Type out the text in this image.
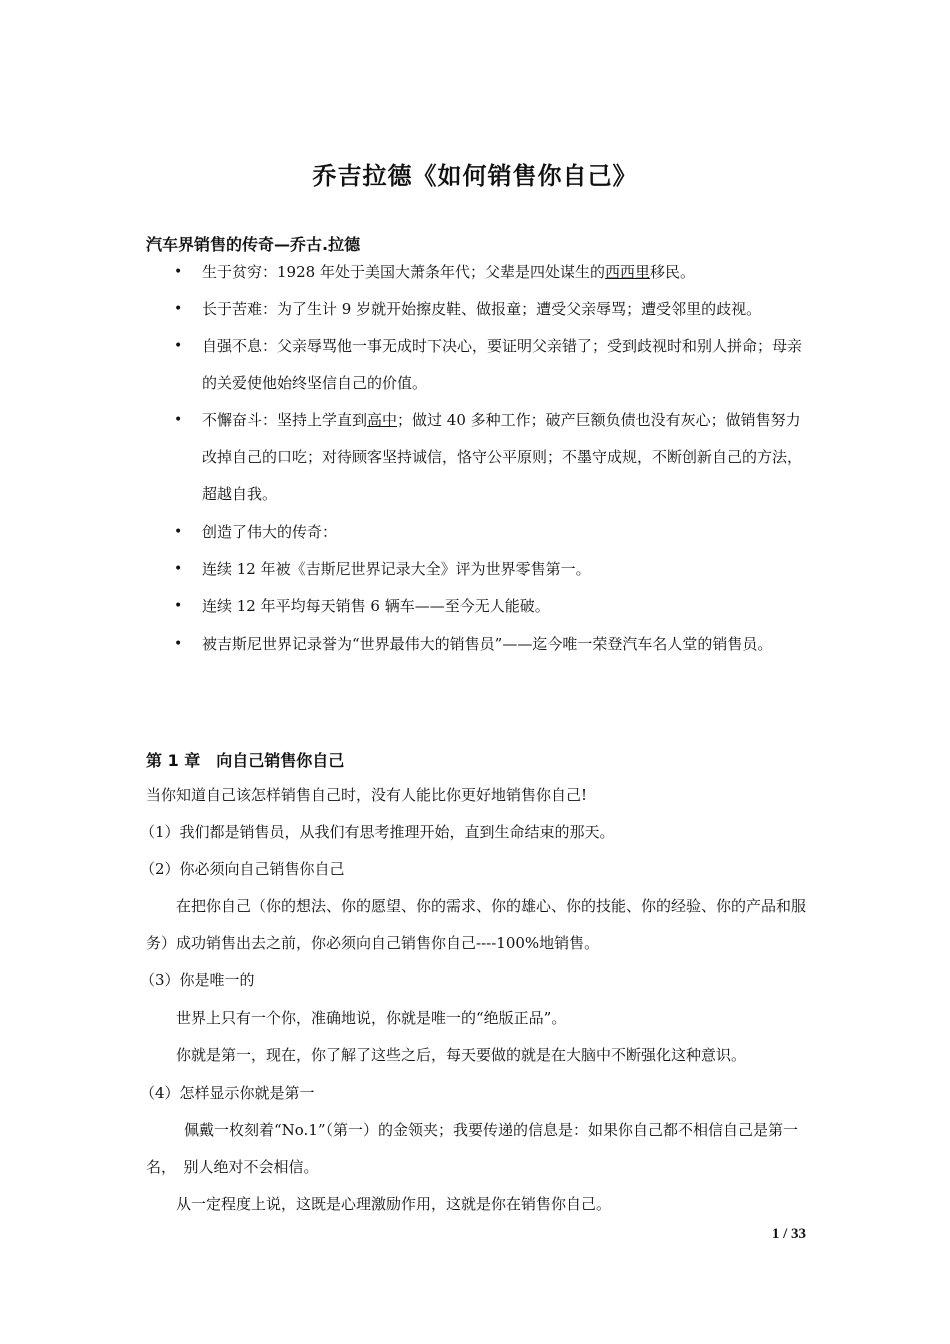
乔吉拉德《如何销售你自己》
汽车界销售的传奇—乔古.拉德
•	生于贫穷：1928 年处于美国大萧条年代；父辈是四处谋生的西西里移民。
•	长于苦难：为了生计 9 岁就开始擦皮鞋、做报童；遭受父亲辱骂；遭受邻里的歧视。
•	自强不息：父亲辱骂他一事无成时下决心，要证明父亲错了；受到歧视时和别人拼命；母亲的关爱使他始终坚信自己的价值。
•	不懈奋斗：坚持上学直到高中；做过 40 多种工作；破产巨额负债也没有灰心；做销售努力改掉自己的口吃；对待顾客坚持诚信，恪守公平原则；不墨守成规，不断创新自己的方法，超越自我。
•	创造了伟大的传奇：
•	连续 12 年被《吉斯尼世界记录大全》评为世界零售第一。
•	连续 12 年平均每天销售 6 辆车——至今无人能破。
•	被吉斯尼世界记录誉为“世界最伟大的销售员”——迄今唯一荣登汽车名人堂的销售员。
第 1 章　向自己销售你自己
当你知道自己该怎样销售自己时，没有人能比你更好地销售你自己!
（1）我们都是销售员，从我们有思考推理开始，直到生命结束的那天。
（2）你必须向自己销售你自己
在把你自己（你的想法、你的愿望、你的需求、你的雄心、你的技能、你的经验、你的产品和服务）成功销售出去之前，你必须向自己销售你自己----100%地销售。
（3）你是唯一的
世界上只有一个你，准确地说，你就是唯一的“绝版正品”。
你就是第一，现在，你了解了这些之后，每天要做的就是在大脑中不断强化这种意识。
（4）怎样显示你就是第一
佩戴一枚刻着“No.1”（第一）的金领夹；我要传递的信息是：如果你自己都不相信自己是第一名，　别人绝对不会相信。
从一定程度上说，这既是心理激励作用，这就是你在销售你自己。
1 / 33
